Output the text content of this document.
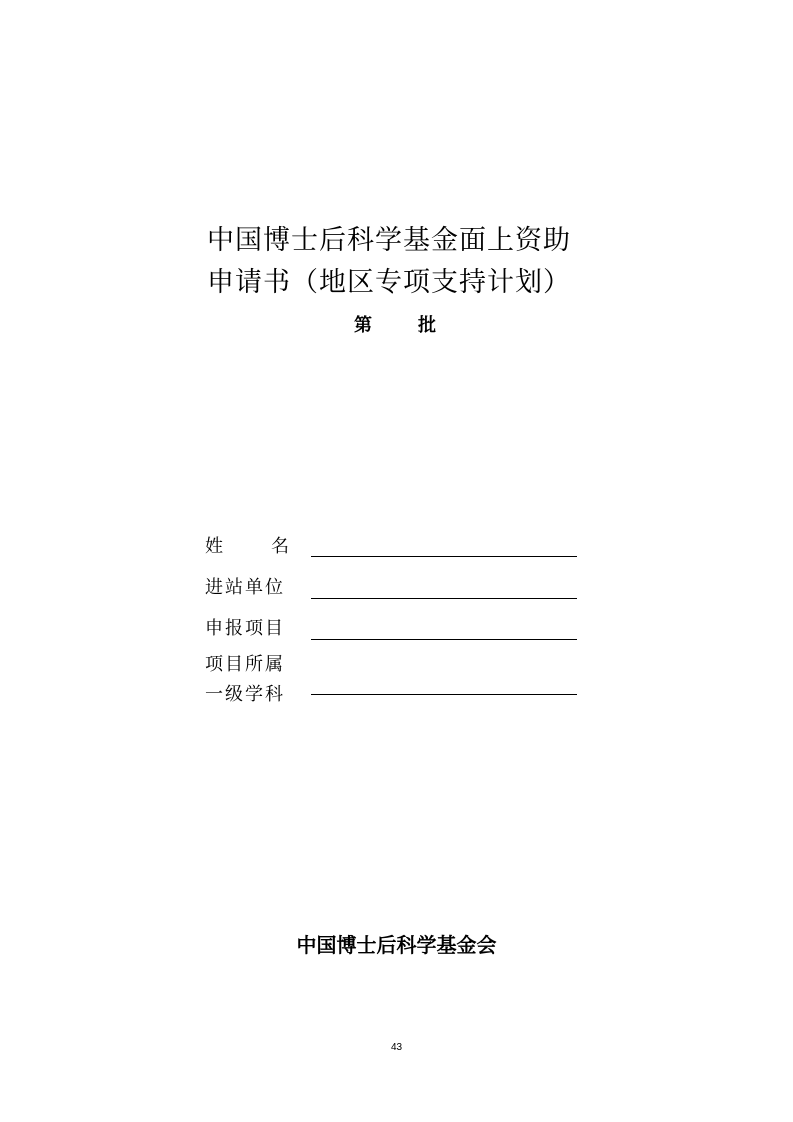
中国博士后科学基金面上资助
申请书（地区专项支持计划）
第	批
姓	名
进站单位
申报项目
项目所属
一级学科
中国博士后科学基金会
43
